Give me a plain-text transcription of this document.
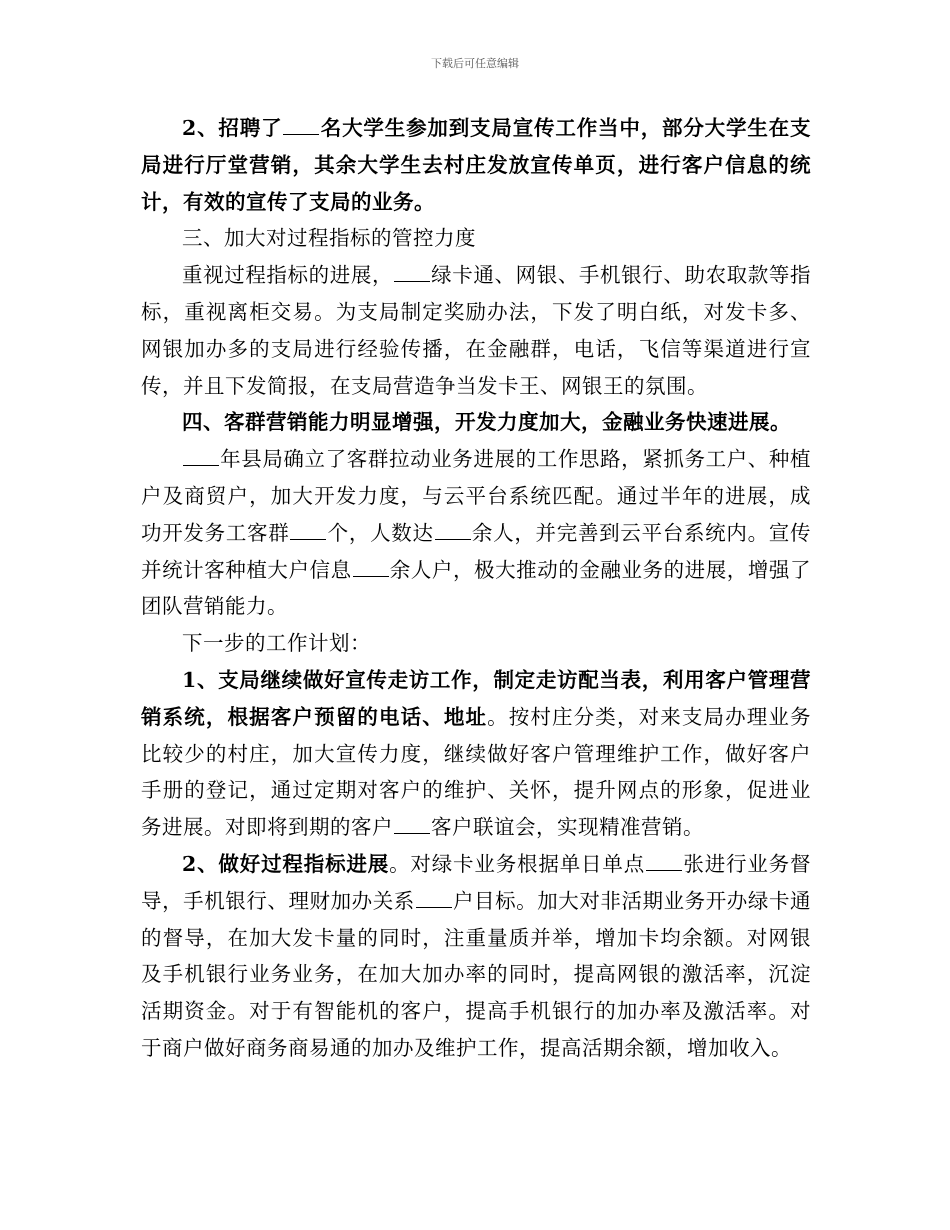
下载后可任意编辑

2、招聘了 名大学生参加到支局宣传工作当中，部分大学生在支局进行厅堂营销，其余大学生去村庄发放宣传单页，进行客户信息的统计，有效的宣传了支局的业务。

三、加大对过程指标的管控力度

重视过程指标的进展， 绿卡通、网银、手机银行、助农取款等指标，重视离柜交易。为支局制定奖励办法，下发了明白纸，对发卡多、网银加办多的支局进行经验传播，在金融群，电话，飞信等渠道进行宣传，并且下发简报，在支局营造争当发卡王、网银王的氛围。

四、客群营销能力明显增强，开发力度加大，金融业务快速进展。

年县局确立了客群拉动业务进展的工作思路，紧抓务工户、种植户及商贸户，加大开发力度，与云平台系统匹配。通过半年的进展，成功开发务工客群 个，人数达 余人，并完善到云平台系统内。宣传并统计客种植大户信息 余人户，极大推动的金融业务的进展，增强了团队营销能力。

下一步的工作计划：

1、支局继续做好宣传走访工作，制定走访配当表，利用客户管理营销系统，根据客户预留的电话、地址。按村庄分类，对来支局办理业务比较少的村庄，加大宣传力度，继续做好客户管理维护工作，做好客户手册的登记，通过定期对客户的维护、关怀，提升网点的形象，促进业务进展。对即将到期的客户 客户联谊会，实现精准营销。

2、做好过程指标进展。对绿卡业务根据单日单点 张进行业务督导，手机银行、理财加办关系 户目标。加大对非活期业务开办绿卡通的督导，在加大发卡量的同时，注重量质并举，增加卡均余额。对网银及手机银行业务业务，在加大加办率的同时，提高网银的激活率，沉淀活期资金。对于有智能机的客户，提高手机银行的加办率及激活率。对于商户做好商务商易通的加办及维护工作，提高活期余额，增加收入。
